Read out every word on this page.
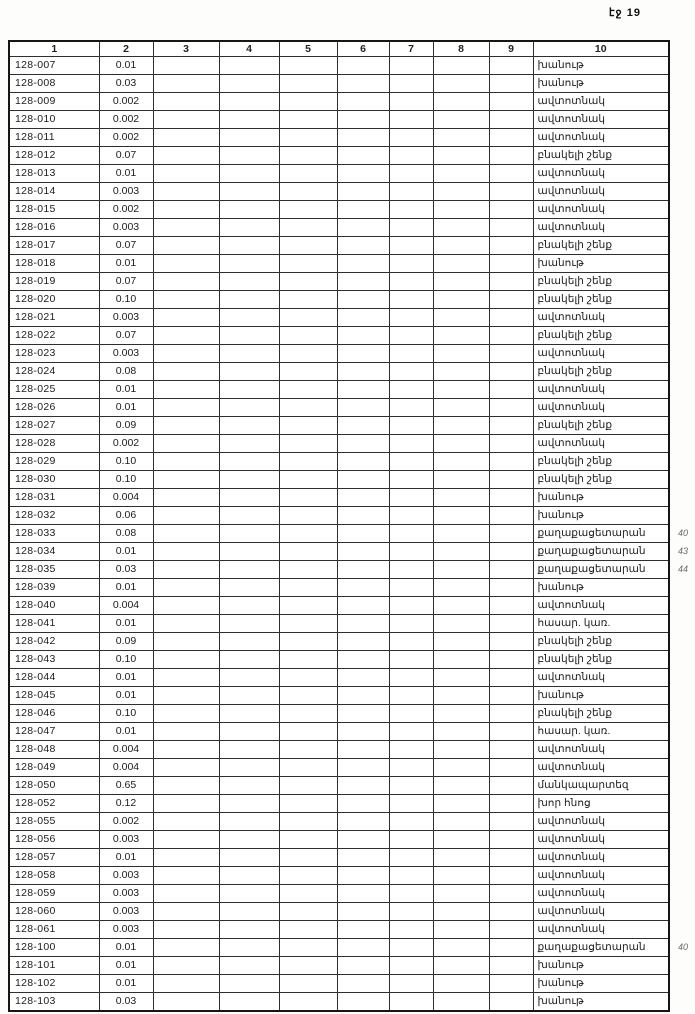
էջ 19
1	2	3	4	5	6	7	8	9	10
128-007	0.01								խանութ
128-008	0.03								խանութ
128-009	0.002								ավտոտնակ
128-010	0.002								ավտոտնակ
128-011	0.002								ավտոտնակ
128-012	0.07								բնակելի շենք
128-013	0.01								ավտոտնակ
128-014	0.003								ավտոտնակ
128-015	0.002								ավտոտնակ
128-016	0.003								ավտոտնակ
128-017	0.07								բնակելի շենք
128-018	0.01								խանութ
128-019	0.07								բնակելի շենք
128-020	0.10								բնակելի շենք
128-021	0.003								ավտոտնակ
128-022	0.07								բնակելի շենք
128-023	0.003								ավտոտնակ
128-024	0.08								բնակելի շենք
128-025	0.01								ավտոտնակ
128-026	0.01								ավտոտնակ
128-027	0.09								բնակելի շենք
128-028	0.002								ավտոտնակ
128-029	0.10								բնակելի շենք
128-030	0.10								բնակելի շենք
128-031	0.004								խանութ
128-032	0.06								խանութ
128-033	0.08								քաղաքացետարան 40

128-034	0.01								քաղաքացետարան 43

128-035	0.03								քաղաքացետարան 44

128-039	0.01								խանութ
128-040	0.004								ավտոտնակ
128-041	0.01								հասար. կառ.
128-042	0.09								բնակելի շենք
128-043	0.10								բնակելի շենք
128-044	0.01								ավտոտնակ
128-045	0.01								խանութ
128-046	0.10								բնակելի շենք
128-047	0.01								հասար. կառ.
128-048	0.004								ավտոտնակ
128-049	0.004								ավտոտնակ
128-050	0.65								մանկապարտեզ
128-052	0.12								խոր հնոց
128-055	0.002								ավտոտնակ
128-056	0.003								ավտոտնակ
128-057	0.01								ավտոտնակ
128-058	0.003								ավտոտնակ
128-059	0.003								ավտոտնակ
128-060	0.003								ավտոտնակ
128-061	0.003								ավտոտնակ
128-100	0.01								քաղաքացետարան 40

128-101	0.01								խանութ
128-102	0.01								խանութ
128-103	0.03								խանութ
